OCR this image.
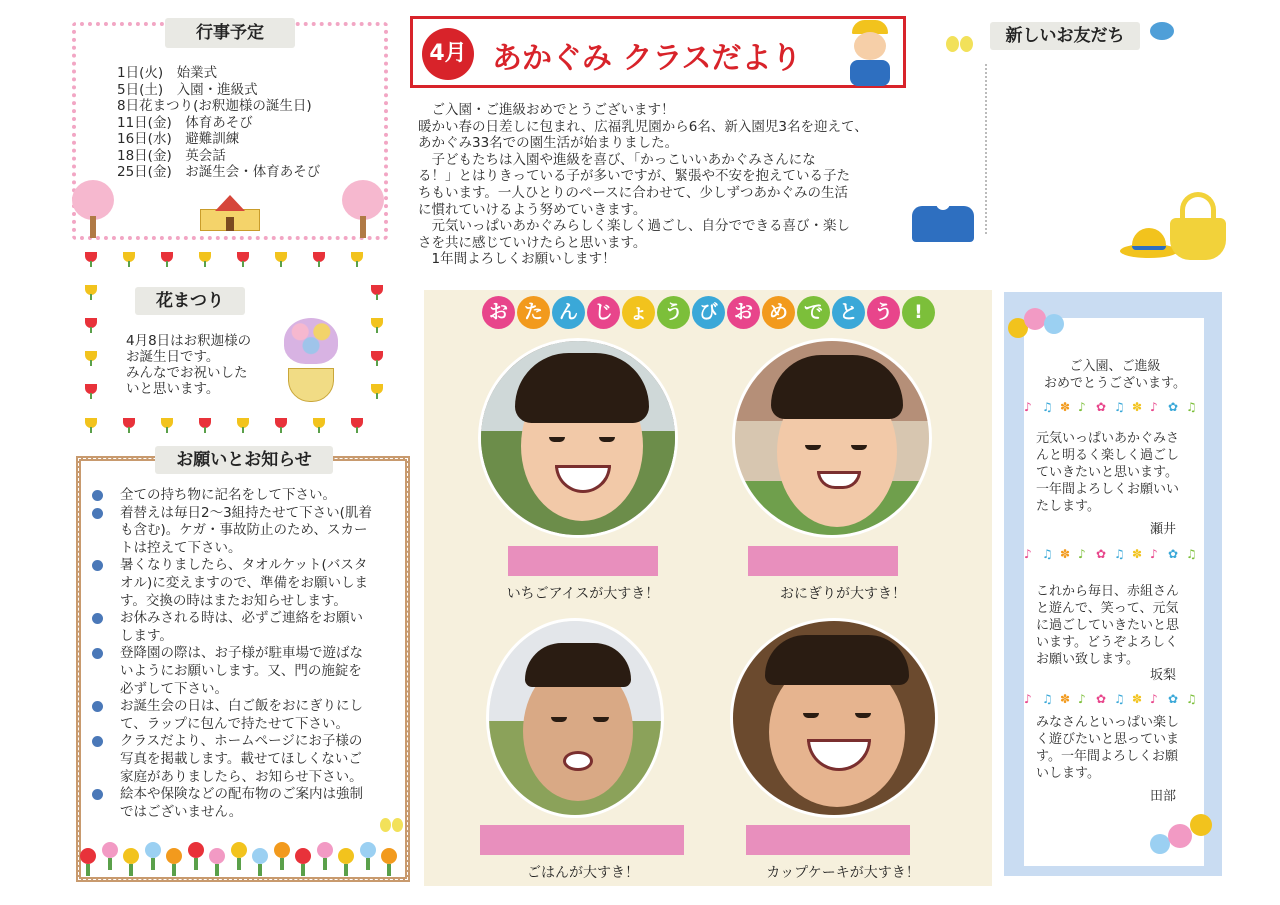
行事予定
1日(火)　始業式
5日(土)　入園・進級式
8日花まつり(お釈迦様の誕生日)
11日(金)　体育あそび
16日(水)　避難訓練
18日(金)　英会話
25日(金)　お誕生会・体育あそび
花まつり
4月8日はお釈迦様の
お誕生日です。
みんなでお祝いした
いと思います。
お願いとお知らせ
全ての持ち物に記名をして下さい。
着替えは毎日2～3組持たせて下さい(肌着
も含む)。ケガ・事故防止のため、スカー
トは控えて下さい。
暑くなりましたら、タオルケット(バスタ
オル)に変えますので、準備をお願いしま
す。交換の時はまたお知らせします。
お休みされる時は、必ずご連絡をお願い
します。
登降園の際は、お子様が駐車場で遊ばな
いようにお願いします。又、門の施錠を
必ずして下さい。
お誕生会の日は、白ご飯をおにぎりにし
て、ラップに包んで持たせて下さい。
クラスだより、ホームページにお子様の
写真を掲載します。載せてほしくないご
家庭がありましたら、お知らせ下さい。
絵本や保険などの配布物のご案内は強制
ではございません。
4月 あかぐみ クラスだより
　ご入園・ご進級おめでとうございます！
暖かい春の日差しに包まれ、広福乳児園から6名、新入園児3名を迎えて、
あかぐみ33名での園生活が始まりました。
　子どもたちは入園や進級を喜び、「かっこいいあかぐみさんにな
る！」とはりきっている子が多いですが、緊張や不安を抱えている子た
ちもいます。一人ひとりのペースに合わせて、少しずつあかぐみの生活
に慣れていけるよう努めていきます。
　元気いっぱいあかぐみらしく楽しく過ごし、自分でできる喜び・楽し
さを共に感じていけたらと思います。
　1年間よろしくお願いします！
新しいお友だち
お た ん じ ょ う び お め で と う	!
いちごアイスが大すき！	おにぎりが大すき！
ごはんが大すき！	カップケーキが大すき！
ご入園、ご進級
おめでとうございます。
♪ ♫ ✽ ♪ ✿ ♫ ✽ ♪ ✿ ♫
元気いっぱいあかぐみさ
んと明るく楽しく過ごし
ていきたいと思います。
一年間よろしくお願いい
たします。
瀬井
♪ ♫ ✽ ♪ ✿ ♫ ✽ ♪ ✿ ♫
これから毎日、赤組さん
と遊んで、笑って、元気
に過ごしていきたいと思
います。どうぞよろしく
お願い致します。
坂梨
♪ ♫ ✽ ♪ ✿ ♫ ✽ ♪ ✿ ♫
みなさんといっぱい楽し
く遊びたいと思っていま
す。一年間よろしくお願
いします。
田部
